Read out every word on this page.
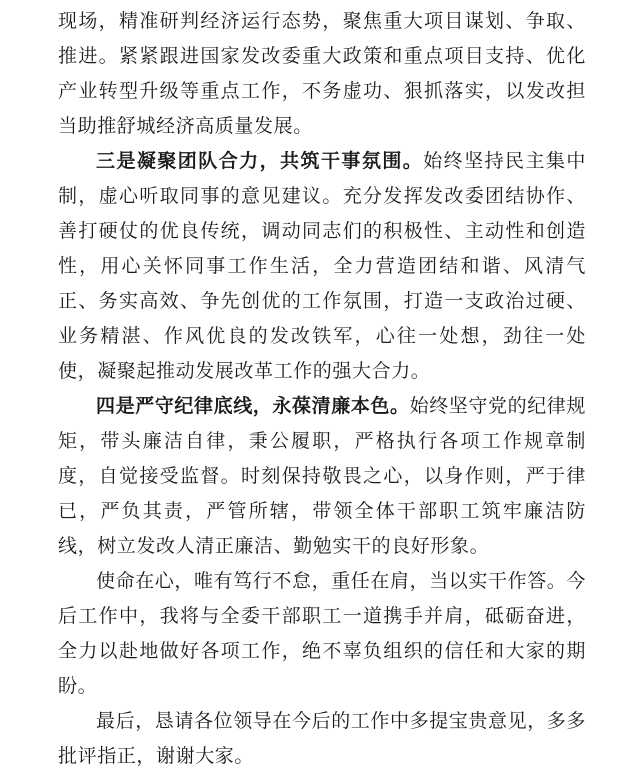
现场，精准研判经济运行态势，聚焦重大项目谋划、争取、推进。紧紧跟进国家发改委重大政策和重点项目支持、优化产业转型升级等重点工作，不务虚功、狠抓落实，以发改担当助推舒城经济高质量发展。

三是凝聚团队合力，共筑干事氛围。始终坚持民主集中制，虚心听取同事的意见建议。充分发挥发改委团结协作、善打硬仗的优良传统，调动同志们的积极性、主动性和创造性，用心关怀同事工作生活，全力营造团结和谐、风清气正、务实高效、争先创优的工作氛围，打造一支政治过硬、业务精湛、作风优良的发改铁军，心往一处想，劲往一处使，凝聚起推动发展改革工作的强大合力。

四是严守纪律底线，永葆清廉本色。始终坚守党的纪律规矩，带头廉洁自律，秉公履职，严格执行各项工作规章制度，自觉接受监督。时刻保持敬畏之心，以身作则，严于律已，严负其责，严管所辖，带领全体干部职工筑牢廉洁防线，树立发改人清正廉洁、勤勉实干的良好形象。

使命在心，唯有笃行不怠，重任在肩，当以实干作答。今后工作中，我将与全委干部职工一道携手并肩，砥砺奋进，全力以赴地做好各项工作，绝不辜负组织的信任和大家的期盼。

最后，恳请各位领导在今后的工作中多提宝贵意见，多多批评指正，谢谢大家。
